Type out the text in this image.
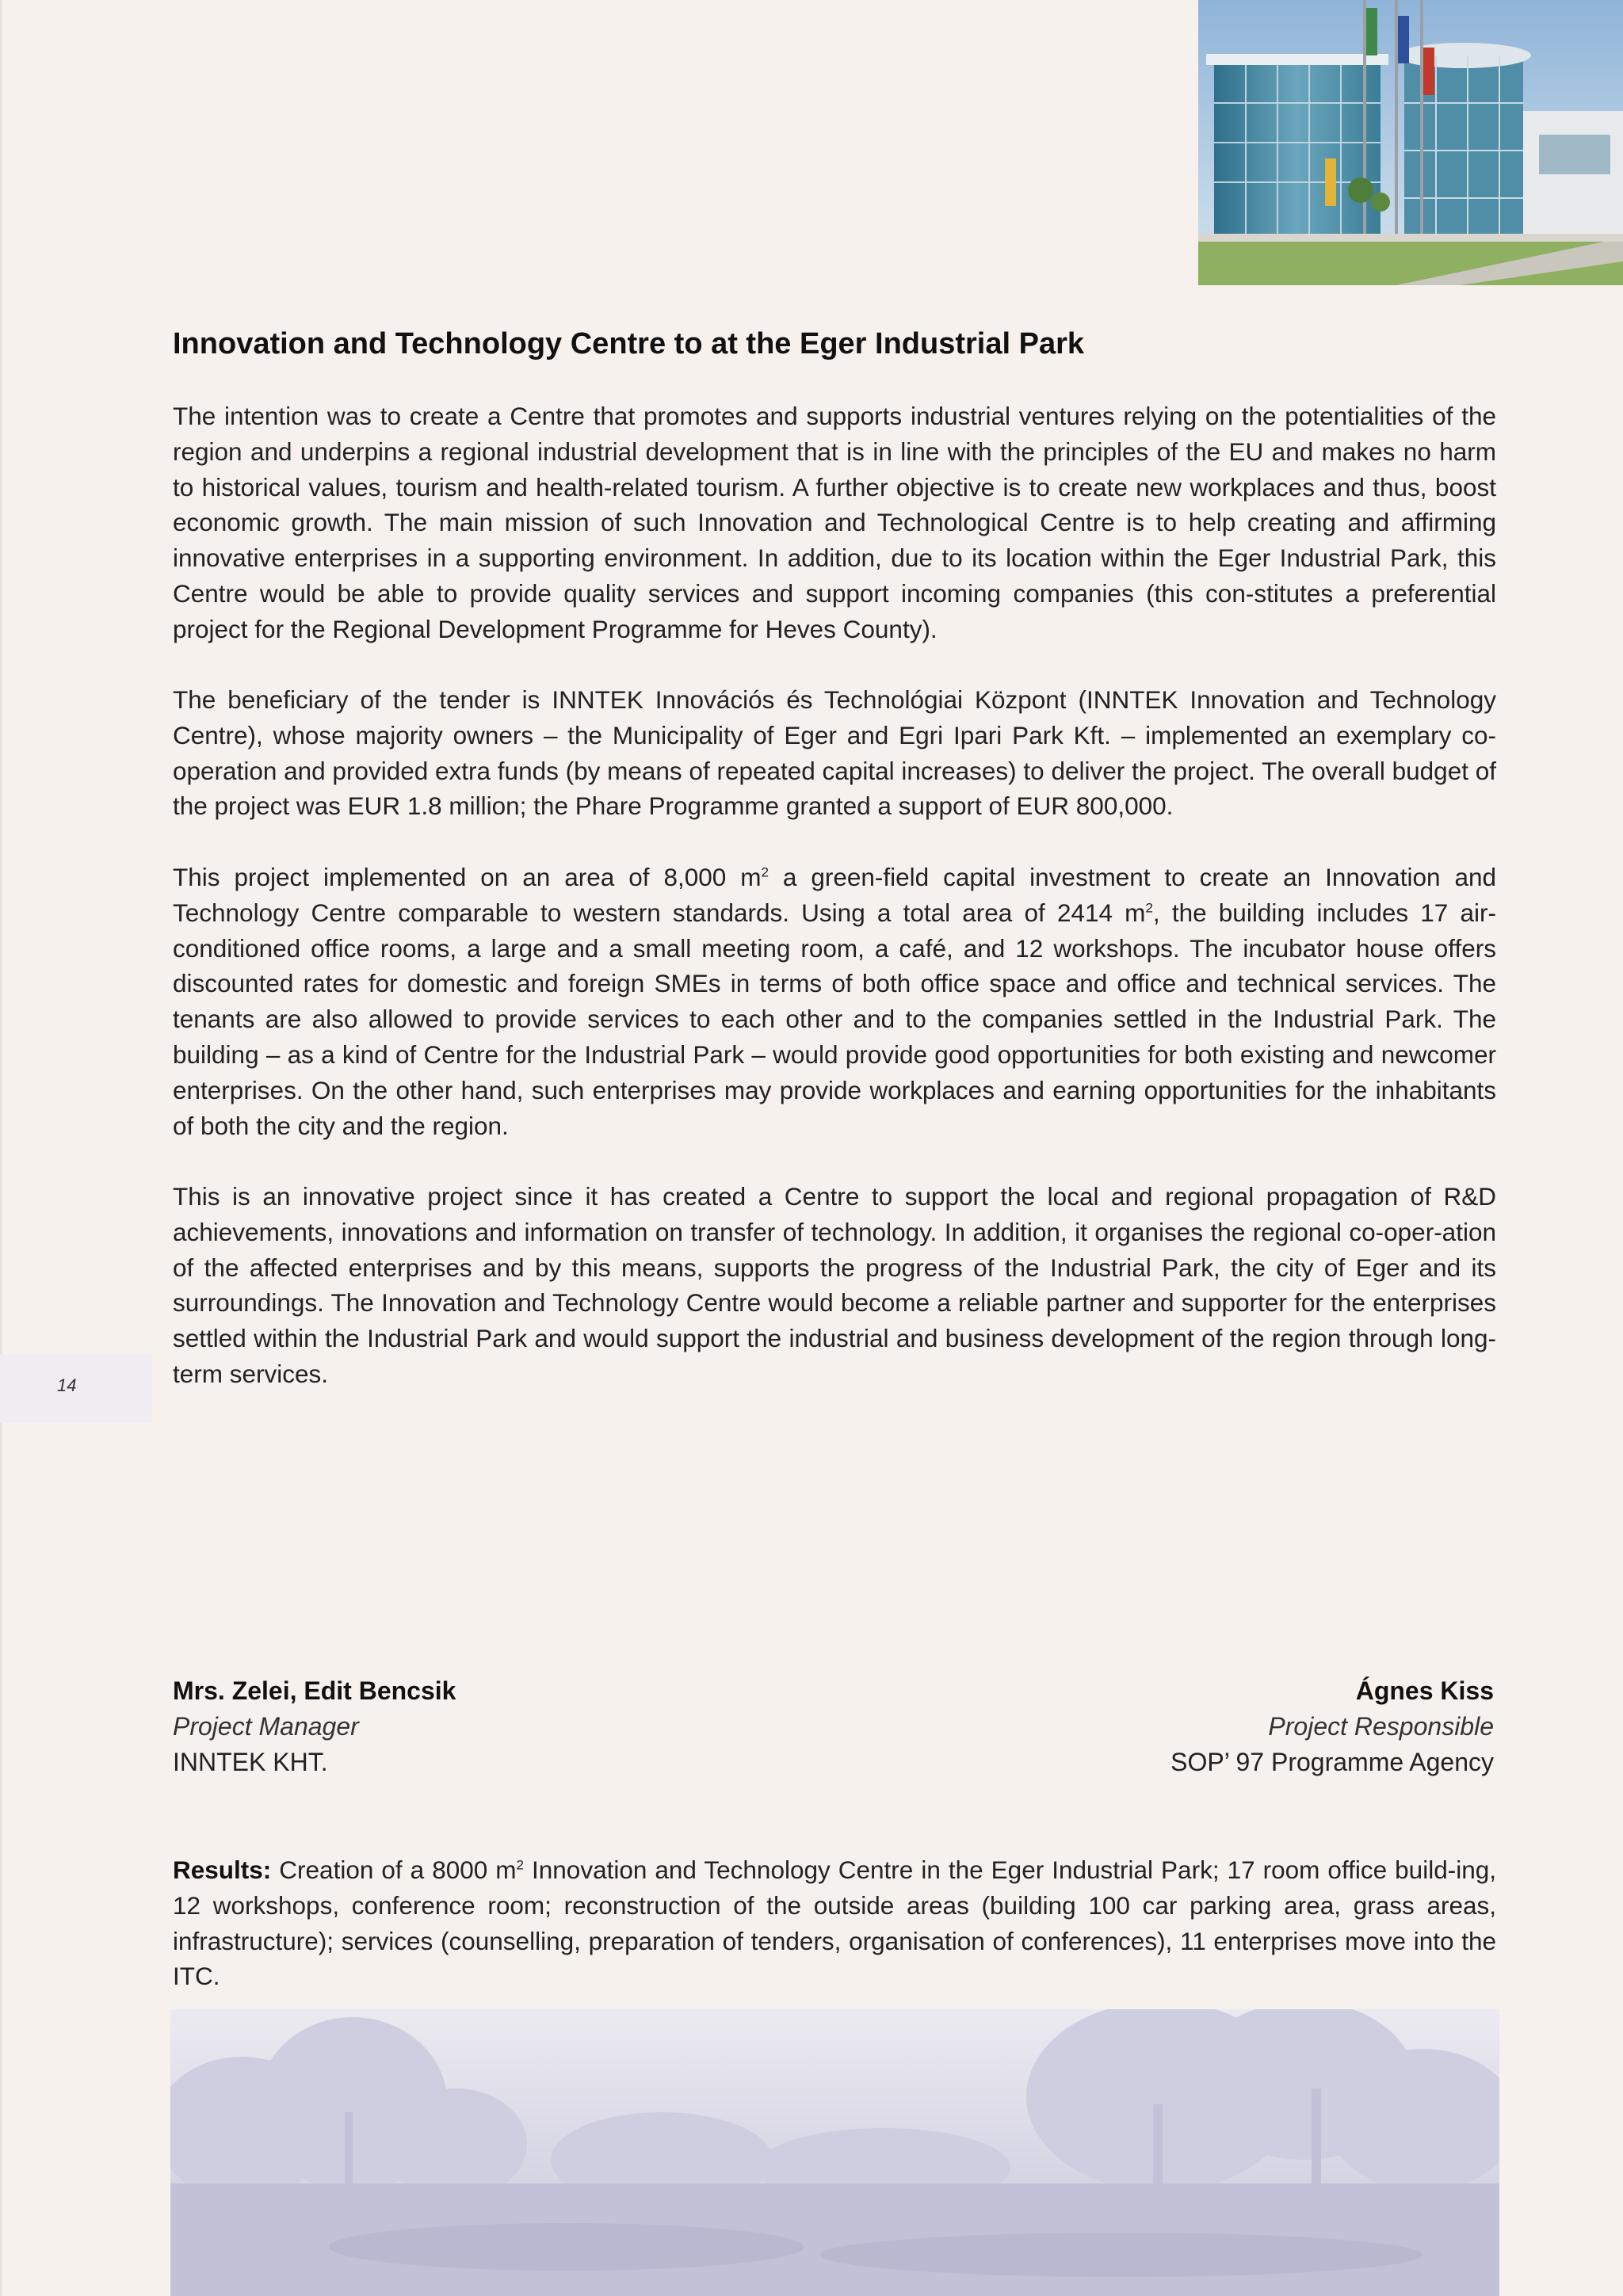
14
Innovation and Technology Centre to at the Eger Industrial Park

The intention was to create a Centre that promotes and supports industrial ventures relying on the potentialities of the region and underpins a regional industrial development that is in line with the principles of the EU and makes no harm to historical values, tourism and health-related tourism. A further objective is to create new workplaces and thus, boost economic growth. The main mission of such Innovation and Technological Centre is to help creating and affirming innovative enterprises in a supporting environment. In addition, due to its location within the Eger Industrial Park, this Centre would be able to provide quality services and support incoming companies (this con-stitutes a preferential project for the Regional Development Programme for Heves County).

The beneficiary of the tender is INNTEK Innovációs és Technológiai Központ (INNTEK Innovation and Technology Centre), whose majority owners – the Municipality of Eger and Egri Ipari Park Kft. – implemented an exemplary co-operation and provided extra funds (by means of repeated capital increases) to deliver the project. The overall budget of the project was EUR 1.8 million; the Phare Programme granted a support of EUR 800,000.

This project implemented on an area of 8,000 $m^2$ a green-field capital investment to create an Innovation and Technology Centre comparable to western standards. Using a total area of 2414 $m^2$, the building includes 17 air-conditioned office rooms, a large and a small meeting room, a café, and 12 workshops. The incubator house offers discounted rates for domestic and foreign SMEs in terms of both office space and office and technical services. The tenants are also allowed to provide services to each other and to the companies settled in the Industrial Park. The building – as a kind of Centre for the Industrial Park – would provide good opportunities for both existing and newcomer enterprises. On the other hand, such enterprises may provide workplaces and earning opportunities for the inhabitants of both the city and the region.

This is an innovative project since it has created a Centre to support the local and regional propagation of R&D achievements, innovations and information on transfer of technology. In addition, it organises the regional co-oper-ation of the affected enterprises and by this means, supports the progress of the Industrial Park, the city of Eger and its surroundings. The Innovation and Technology Centre would become a reliable partner and supporter for the enterprises settled within the Industrial Park and would support the industrial and business development of the region through long-term services.

Mrs. Zelei, Edit Bencsik
Project Manager
INNTEK KHT.
Ágnes Kiss
Project Responsible
SOP’ 97 Programme Agency

Results: Creation of a 8000 $m^2$ Innovation and Technology Centre in the Eger Industrial Park; 17 room office build-ing, 12 workshops, conference room; reconstruction of the outside areas (building 100 car parking area, grass areas, infrastructure); services (counselling, preparation of tenders, organisation of conferences), 11 enterprises move into the ITC.
